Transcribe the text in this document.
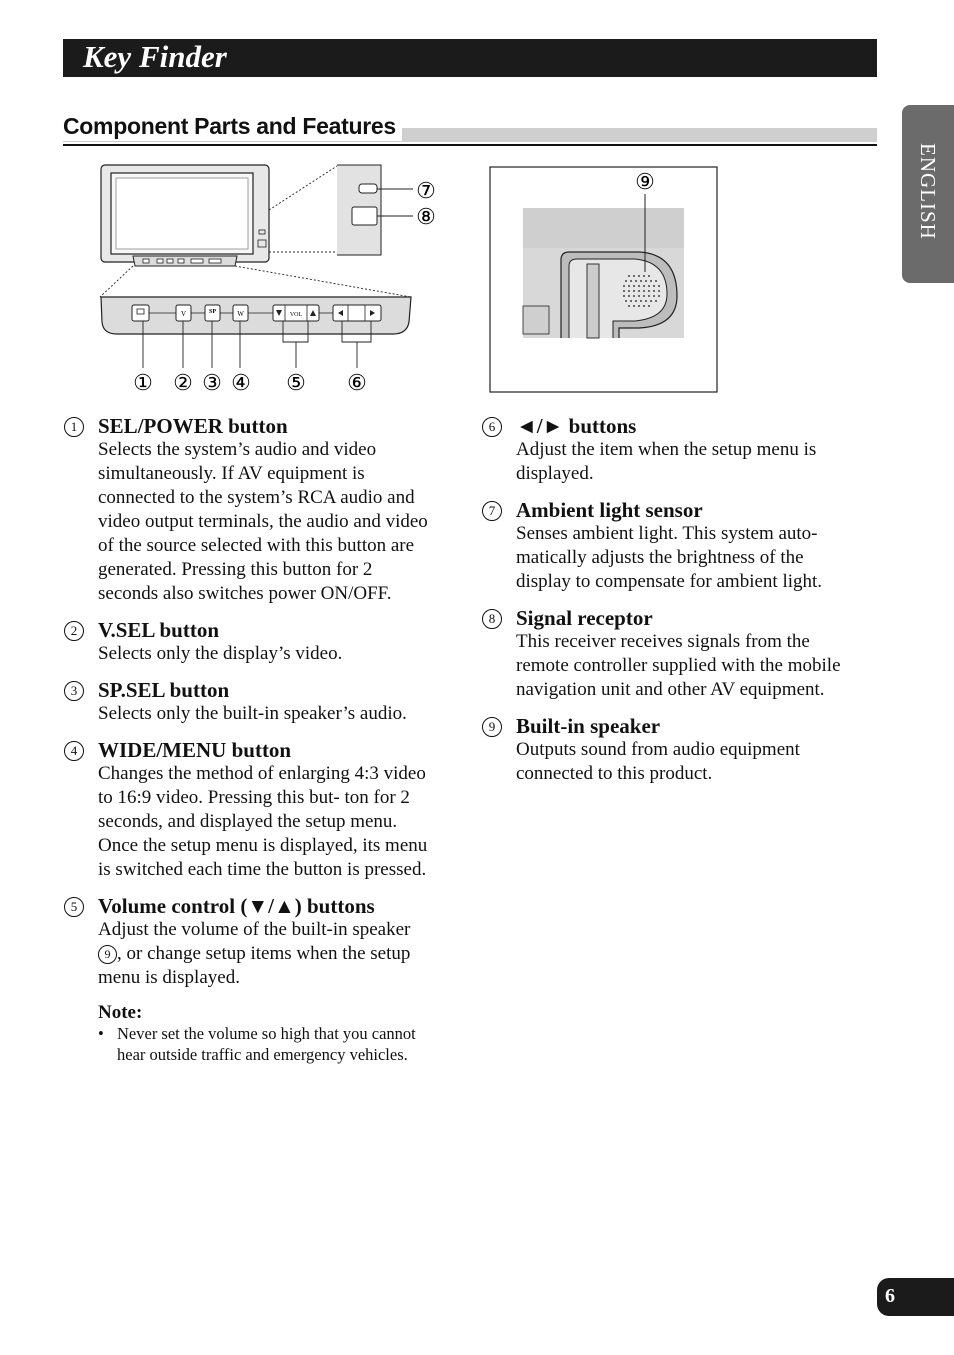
Key Finder
Component Parts and Features
ENGLISH
V	SP	W	VOL
① ② ③ ④ ⑤ ⑥
⑦
⑧
⑨
1 SEL/POWER button
Selects the system’s audio and video simultaneously. If AV equipment is connected to the system’s RCA audio and video output terminals, the audio and video of the source selected with this button are generated. Pressing this button for 2 seconds also switches power ON/OFF.
2 V.SEL button
Selects only the display’s video.
3 SP.SEL button
Selects only the built-in speaker’s audio.
4 WIDE/MENU button
Changes the method of enlarging 4:3 video to 16:9 video. Pressing this but- ton for 2 seconds, and displayed the setup menu. Once the setup menu is displayed, its menu is switched each time the button is pressed.
5 Volume control (▼/▲) buttons
Adjust the volume of the built-in speaker 9 , or change setup items when the setup menu is displayed.
Note:
• Never set the volume so high that you cannot hear outside traffic and emergency vehicles.
6 ◄/► buttons
Adjust the item when the setup menu is displayed.
7 Ambient light sensor
Senses ambient light. This system auto- matically adjusts the brightness of the display to compensate for ambient light.
8 Signal receptor
This receiver receives signals from the remote controller supplied with the mobile navigation unit and other AV equipment.
9 Built-in speaker
Outputs sound from audio equipment connected to this product.
6
